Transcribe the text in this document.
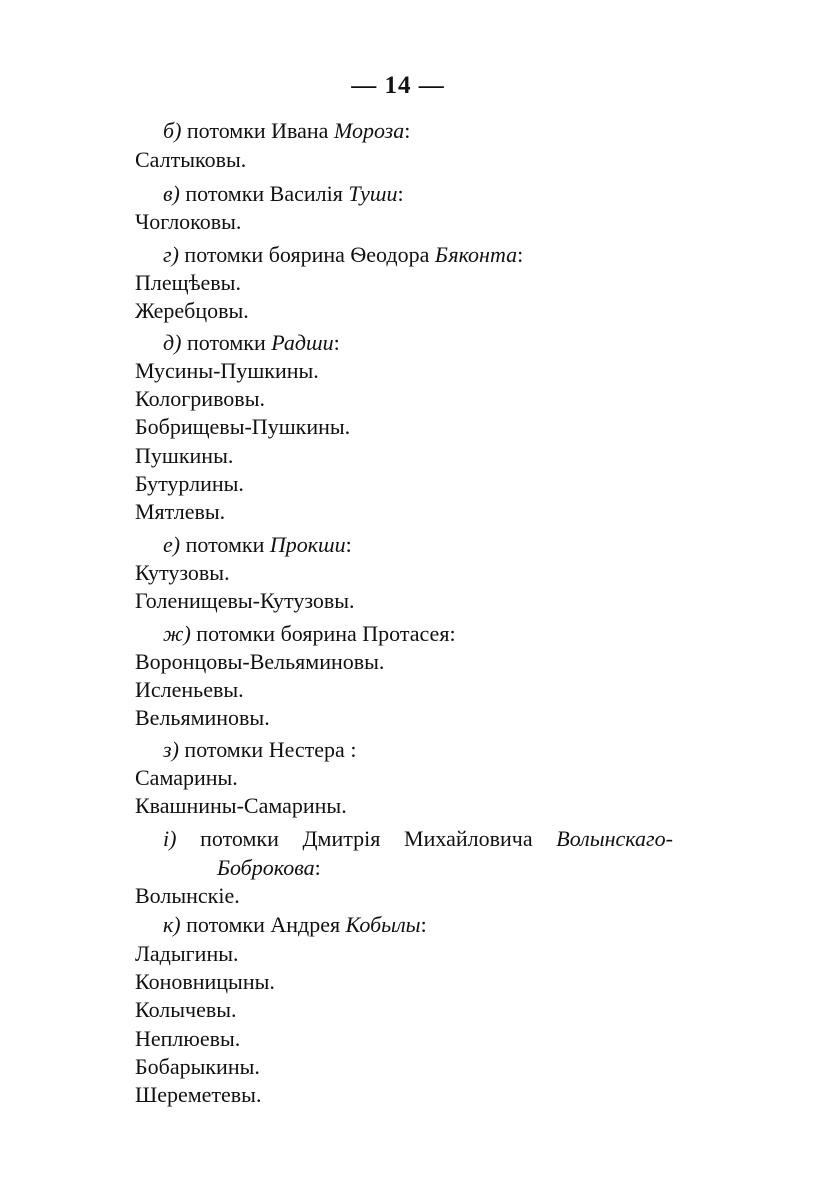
— 14 —
б) потомки Ивана Мороза:
Салтыковы.
в) потомки Василія Туши:
Чоглоковы.
г) потомки боярина Ѳеодора Бяконта:
Плещѣевы.
Жеребцовы.
д) потомки Радши:
Мусины-Пушкины.
Кологривовы.
Бобрищевы-Пушкины.
Пушкины.
Бутурлины.
Мятлевы.
е) потомки Прокши:
Кутузовы.
Голенищевы-Кутузовы.
ж) потомки боярина Протасея:
Воронцовы-Вельяминовы.
Исленьевы.
Вельяминовы.
з) потомки Нестера :
Самарины.
Квашнины-Самарины.
і) потомки Дмитрія Михайловича Волынскаго-
Боброкова:
Волынскіе.
к) потомки Андрея Кобылы:
Ладыгины.
Коновницыны.
Колычевы.
Неплюевы.
Бобарыкины.
Шереметевы.
